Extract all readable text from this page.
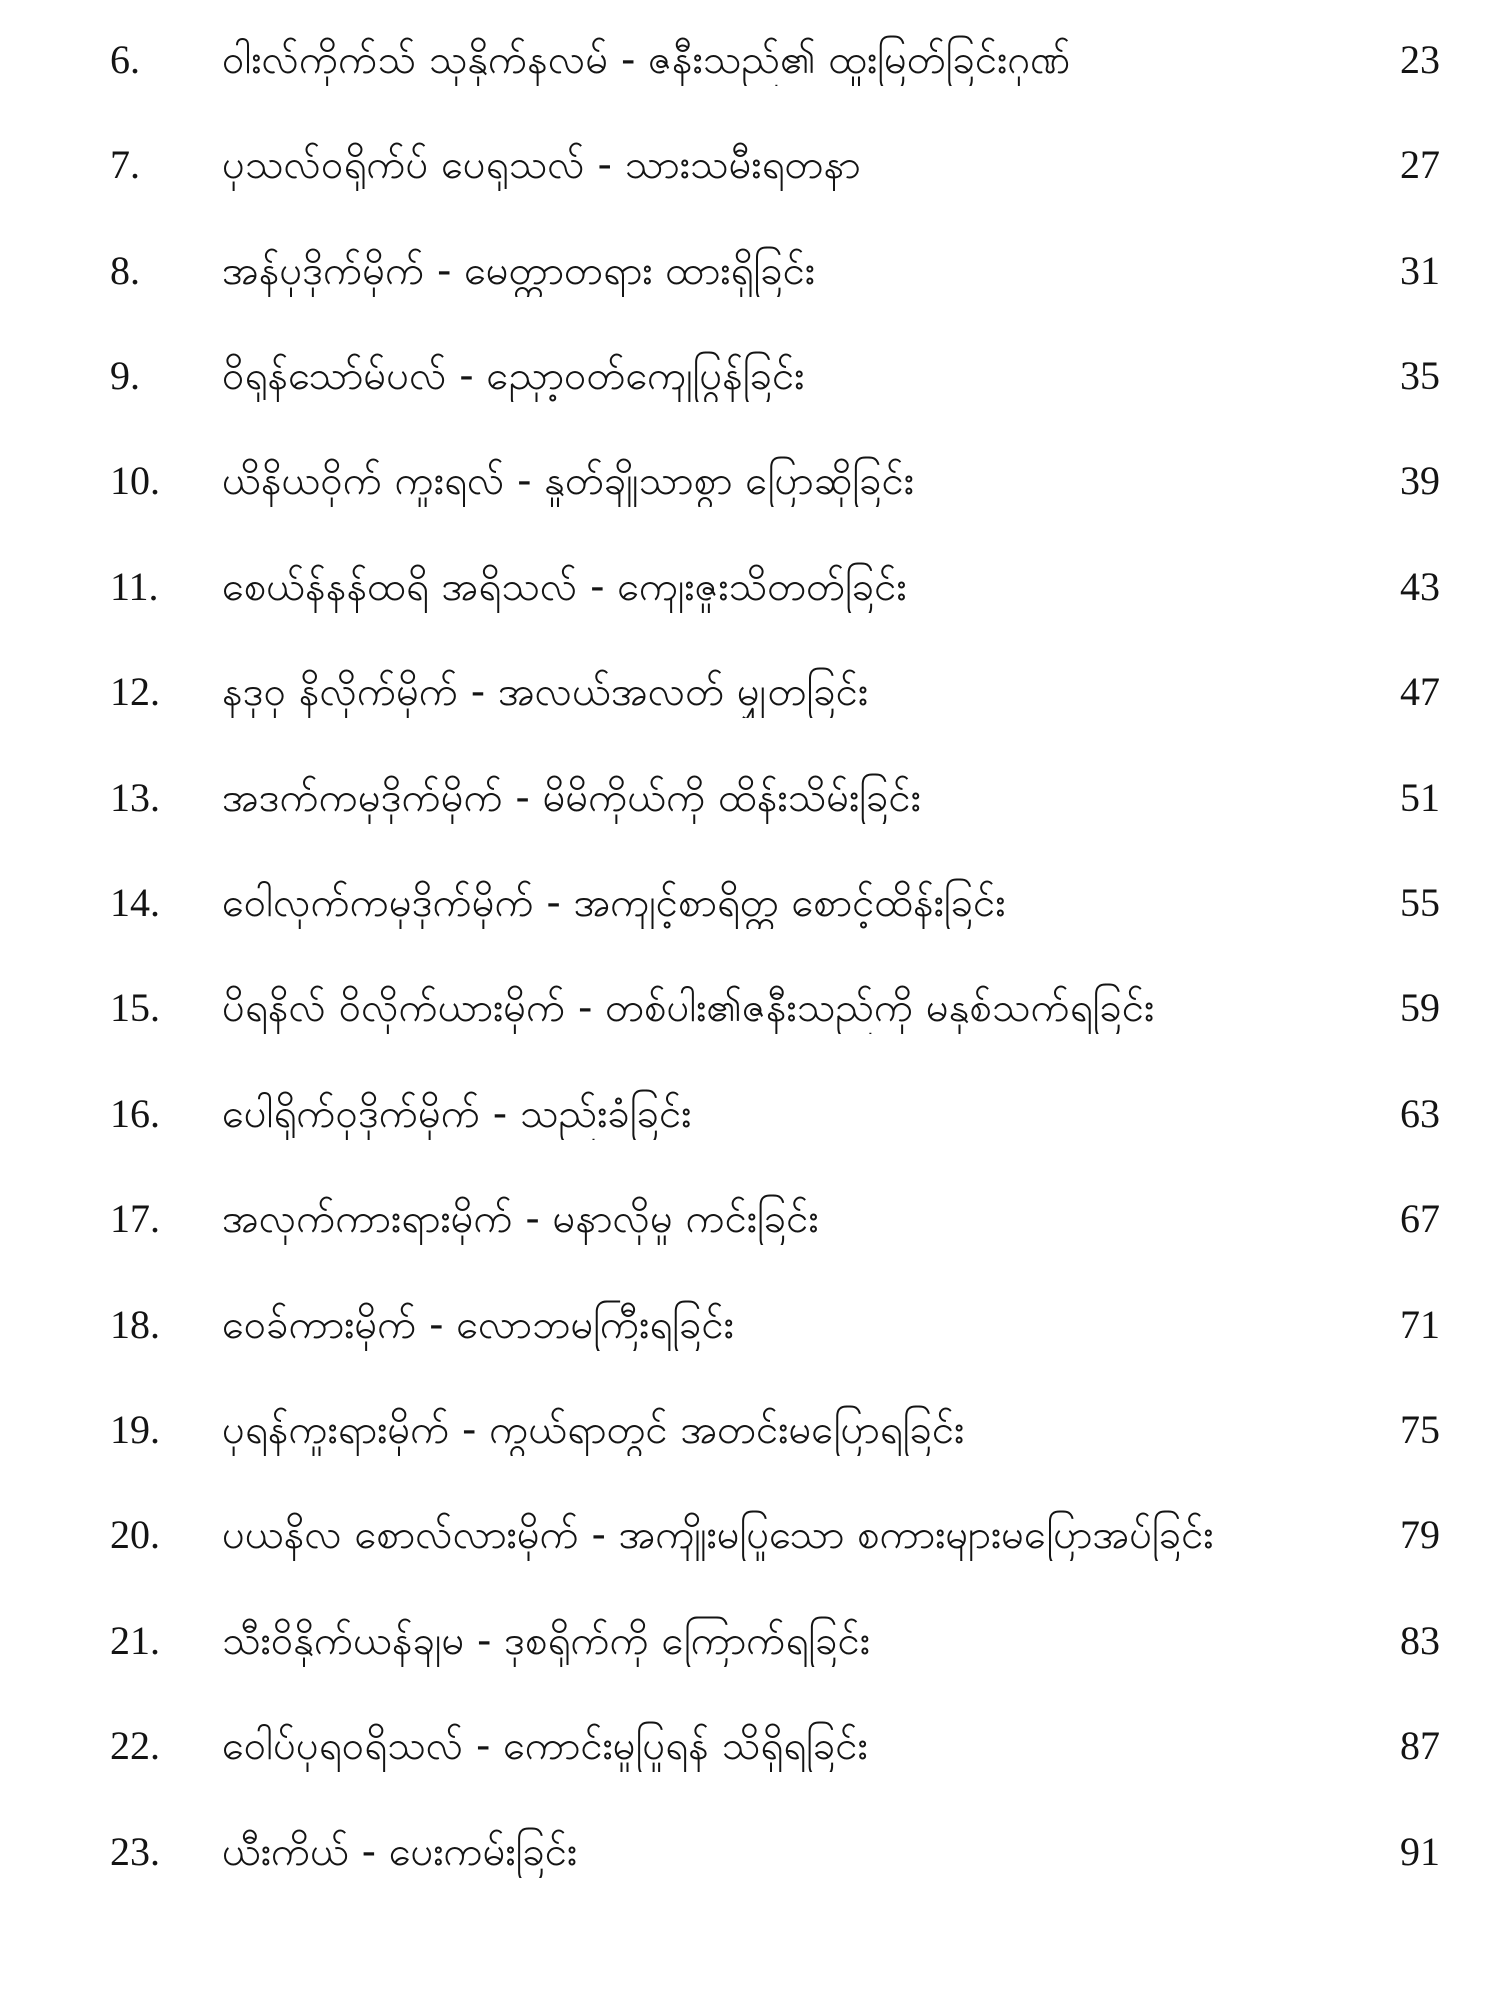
6. ဝါးလ်ကိုက်သ် သုနိုက်နလမ် - ဇနီးသည်၏ ထူးမြတ်ခြင်းဂုဏ်	23
7. ပုသလ်ဝရိုက်ပ် ပေရုသလ် - သားသမီးရတနာ	27
8. အန်ပုဒိုက်မိုက် - မေတ္တာတရား ထားရှိခြင်း	31
9. ဝိရုန်သော်မ်ပလ် - ညှော့ဝတ်ကျေပြွန်ခြင်း	35
10. ယိနိယဝိုက် ကူးရလ် - နူတ်ချိုသာစွာ ပြောဆိုခြင်း	39
11. စေယ်န်နန်ထရိ အရိသလ် - ကျေးဇူးသိတတ်ခြင်း	43
12. နဒုဝု နိလိုက်မိုက် - အလယ်အလတ် မျှတခြင်း	47
13. အဒက်ကမုဒိုက်မိုက် - မိမိကိုယ်ကို ထိန်းသိမ်းခြင်း	51
14. ဝေါလုက်ကမုဒိုက်မိုက် - အကျင့်စာရိတ္တ စောင့်ထိန်းခြင်း	55
15. ပိရနိလ် ဝိလိုက်ယားမိုက် - တစ်ပါး၏ဇနီးသည်ကို မနှစ်သက်ရခြင်း	59
16. ပေါရိုက်ဝုဒိုက်မိုက် - သည်းခံခြင်း	63
17. အလုက်ကားရားမိုက် - မနာလိုမှု ကင်းခြင်း	67
18. ဝေခ်ကားမိုက် - လောဘမကြီးရခြင်း	71
19. ပုရန်ကူးရားမိုက် - ကွယ်ရာတွင် အတင်းမပြောရခြင်း	75
20. ပယနိလ စောလ်လားမိုက် - အကျိုးမပြုသော စကားများမပြောအပ်ခြင်း	79
21. သီးဝိနိုက်ယန်ချမ - ဒုစရိုက်ကို ကြောက်ရခြင်း	83
22. ဝေါပ်ပုရဝရိသလ် - ကောင်းမှုပြုရန် သိရှိရခြင်း	87
23. ယီးကိယ် - ပေးကမ်းခြင်း	91
